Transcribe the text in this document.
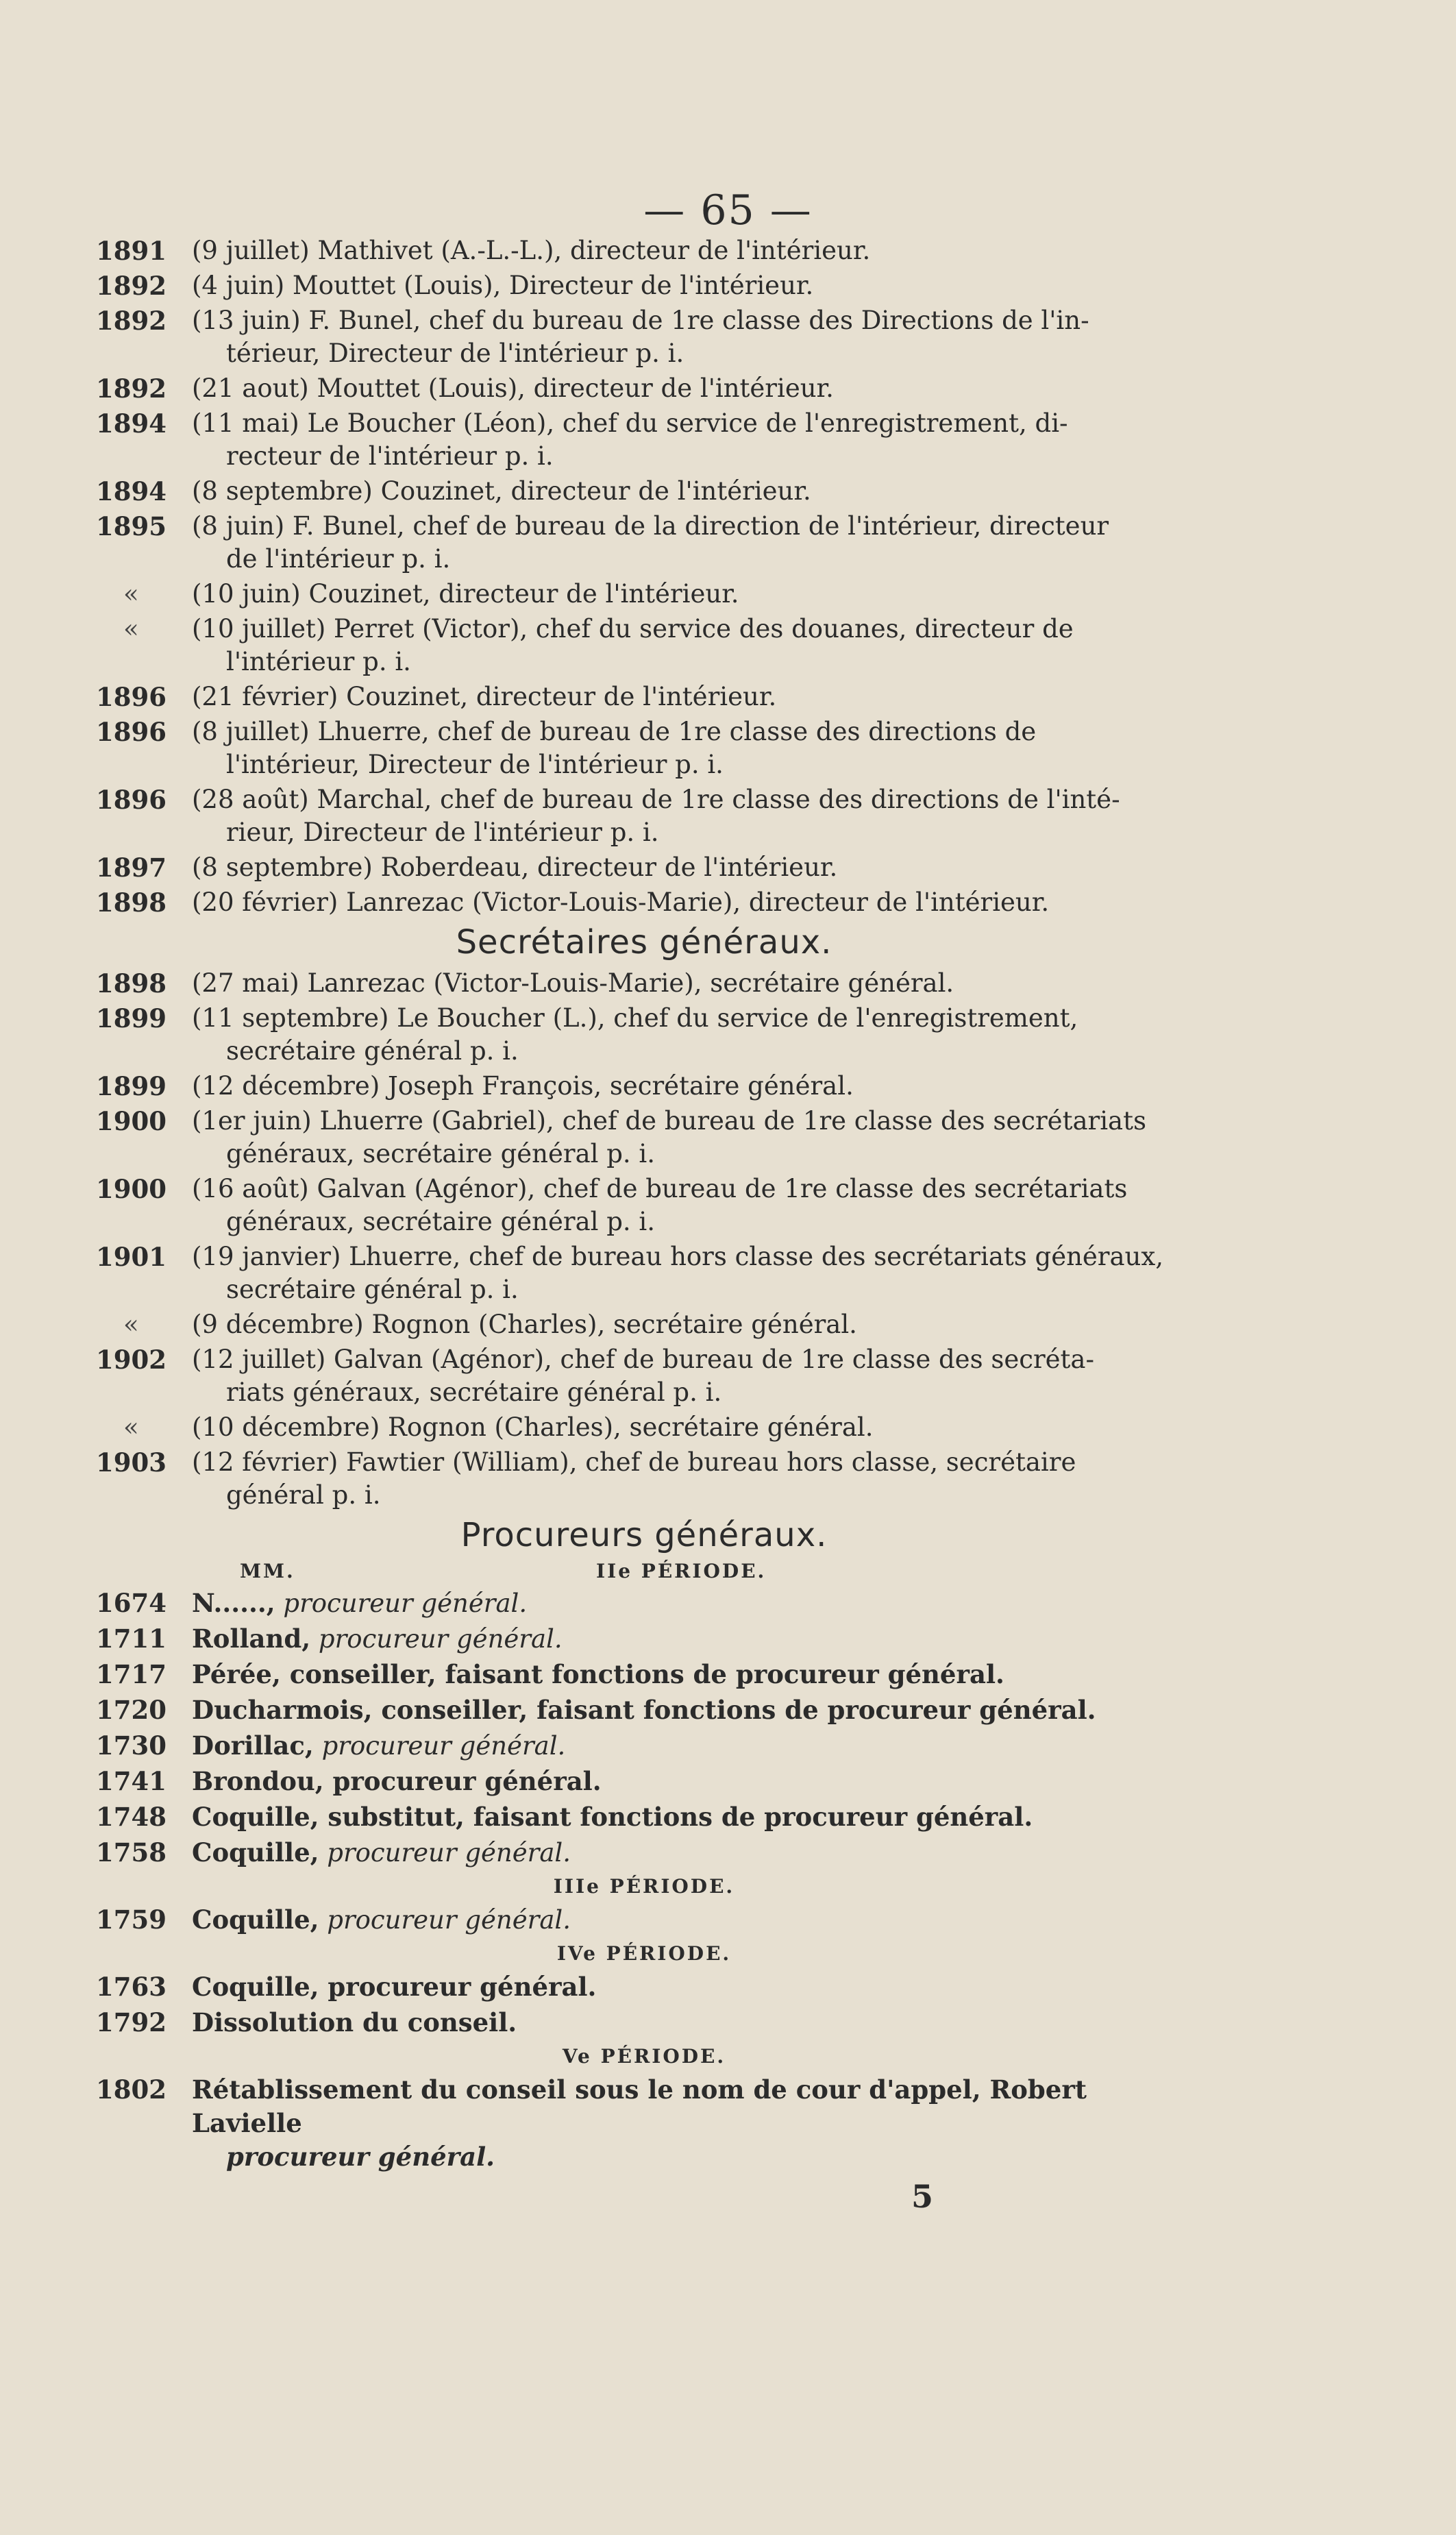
— 65 —
1891	(9 juillet) Mathivet (A.-L.-L.), directeur de l'intérieur.
1892	(4 juin) Mouttet (Louis), Directeur de l'intérieur.
1892	(13 juin) F. Bunel, chef du bureau de 1re classe des Directions de l'in-
térieur, Directeur de l'intérieur p. i.
1892	(21 aout) Mouttet (Louis), directeur de l'intérieur.
1894	(11 mai) Le Boucher (Léon), chef du service de l'enregistrement, di-
recteur de l'intérieur p. i.
1894	(8 septembre) Couzinet, directeur de l'intérieur.
1895	(8 juin) F. Bunel, chef de bureau de la direction de l'intérieur, directeur
de l'intérieur p. i.
«	(10 juin) Couzinet, directeur de l'intérieur.
«	(10 juillet) Perret (Victor), chef du service des douanes, directeur de
l'intérieur p. i.
1896	(21 février) Couzinet, directeur de l'intérieur.
1896	(8 juillet) Lhuerre, chef de bureau de 1re classe des directions de
l'intérieur, Directeur de l'intérieur p. i.
1896	(28 août) Marchal, chef de bureau de 1re classe des directions de l'inté-
rieur, Directeur de l'intérieur p. i.
1897	(8 septembre) Roberdeau, directeur de l'intérieur.
1898	(20 février) Lanrezac (Victor-Louis-Marie), directeur de l'intérieur.
Secrétaires généraux.
1898	(27 mai) Lanrezac (Victor-Louis-Marie), secrétaire général.
1899	(11 septembre) Le Boucher (L.), chef du service de l'enregistrement,
secrétaire général p. i.
1899	(12 décembre) Joseph François, secrétaire général.
1900	(1er juin) Lhuerre (Gabriel), chef de bureau de 1re classe des secrétariats
généraux, secrétaire général p. i.
1900	(16 août) Galvan (Agénor), chef de bureau de 1re classe des secrétariats
généraux, secrétaire général p. i.
1901	(19 janvier) Lhuerre, chef de bureau hors classe des secrétariats généraux,
secrétaire général p. i.
«	(9 décembre) Rognon (Charles), secrétaire général.
1902	(12 juillet) Galvan (Agénor), chef de bureau de 1re classe des secréta-
riats généraux, secrétaire général p. i.
«	(10 décembre) Rognon (Charles), secrétaire général.
1903	(12 février) Fawtier (William), chef de bureau hors classe, secrétaire
général p. i.
Procureurs généraux.
MM.	IIe PÉRIODE.
1674	N......, procureur général.
1711	Rolland, procureur général.
1717	Pérée, conseiller, faisant fonctions de procureur général.
1720	Ducharmois, conseiller, faisant fonctions de procureur général.
1730	Dorillac, procureur général.
1741	Brondou, procureur général.
1748	Coquille, substitut, faisant fonctions de procureur général.
1758	Coquille, procureur général.
IIIe PÉRIODE.
1759	Coquille, procureur général.
IVe PÉRIODE.
1763	Coquille, procureur général.
1792	Dissolution du conseil.
Ve PÉRIODE.
1802	Rétablissement du conseil sous le nom de cour d'appel, Robert Lavielle
procureur général.
5
